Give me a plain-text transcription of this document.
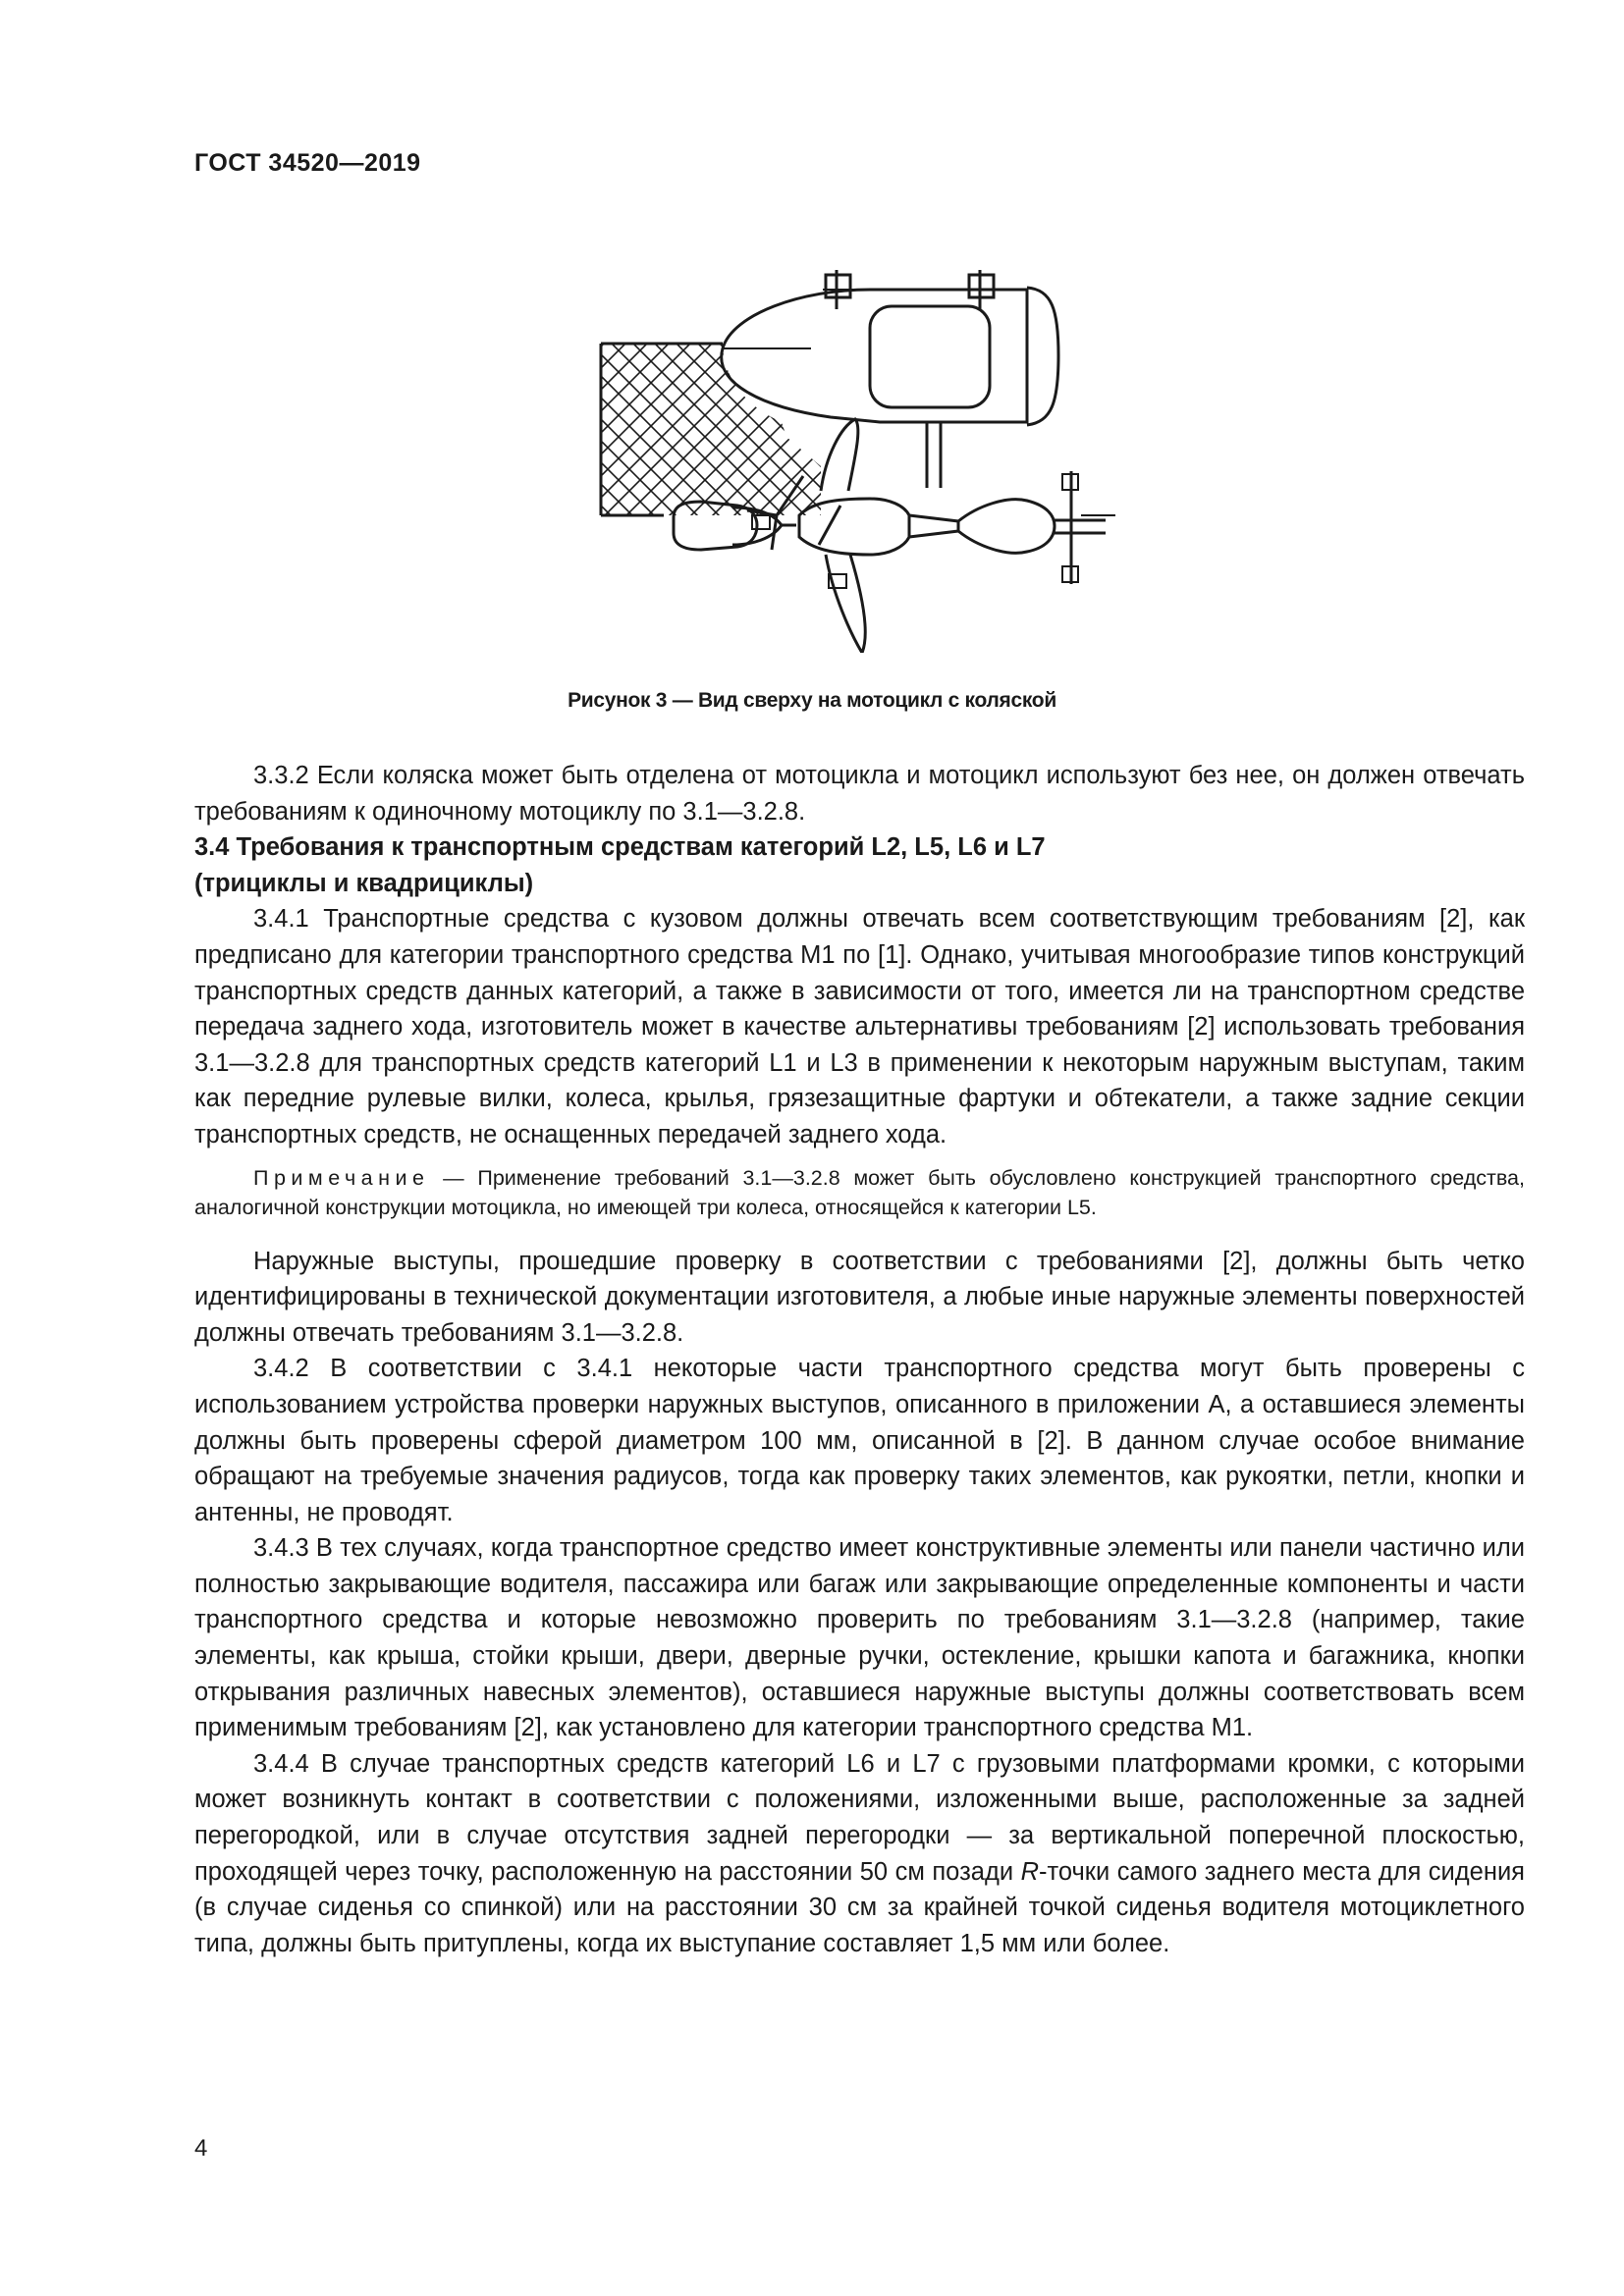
ГОСТ 34520—2019
Рисунок 3 — Вид сверху на мотоцикл с коляской

3.3.2 Если коляска может быть отделена от мотоцикла и мотоцикл используют без нее, он должен отвечать требованиям к одиночному мотоциклу по 3.1—3.2.8.

3.4 Требования к транспортным средствам категорий L2, L5, L6 и L7
(трициклы и квадрициклы)

3.4.1 Транспортные средства с кузовом должны отвечать всем соответствующим требованиям [2], как предписано для категории транспортного средства M1 по [1]. Однако, учитывая многообразие типов конструкций транспортных средств данных категорий, а также в зависимости от того, имеется ли на транспортном средстве передача заднего хода, изготовитель может в качестве альтернативы требованиям [2] использовать требования 3.1—3.2.8 для транспортных средств категорий L1 и L3 в применении к некоторым наружным выступам, таким как передние рулевые вилки, колеса, крылья, грязезащитные фартуки и обтекатели, а также задние секции транспортных средств, не оснащенных передачей заднего хода.

Примечание — Применение требований 3.1—3.2.8 может быть обусловлено конструкцией транспортного средства, аналогичной конструкции мотоцикла, но имеющей три колеса, относящейся к категории L5.

Наружные выступы, прошедшие проверку в соответствии с требованиями [2], должны быть четко идентифицированы в технической документации изготовителя, а любые иные наружные элементы поверхностей должны отвечать требованиям 3.1—3.2.8.

3.4.2 В соответствии с 3.4.1 некоторые части транспортного средства могут быть проверены с использованием устройства проверки наружных выступов, описанного в приложении А, а оставшиеся элементы должны быть проверены сферой диаметром 100 мм, описанной в [2]. В данном случае особое внимание обращают на требуемые значения радиусов, тогда как проверку таких элементов, как рукоятки, петли, кнопки и антенны, не проводят.

3.4.3 В тех случаях, когда транспортное средство имеет конструктивные элементы или панели частично или полностью закрывающие водителя, пассажира или багаж или закрывающие определенные компоненты и части транспортного средства и которые невозможно проверить по требованиям 3.1—3.2.8 (например, такие элементы, как крыша, стойки крыши, двери, дверные ручки, остекление, крышки капота и багажника, кнопки открывания различных навесных элементов), оставшиеся наружные выступы должны соответствовать всем применимым требованиям [2], как установлено для категории транспортного средства M1.

3.4.4 В случае транспортных средств категорий L6 и L7 с грузовыми платформами кромки, с которыми может возникнуть контакт в соответствии с положениями, изложенными выше, расположенные за задней перегородкой, или в случае отсутствия задней перегородки — за вертикальной поперечной плоскостью, проходящей через точку, расположенную на расстоянии 50 см позади R-точки самого заднего места для сидения (в случае сиденья со спинкой) или на расстоянии 30 см за крайней точкой сиденья водителя мотоциклетного типа, должны быть притуплены, когда их выступание составляет 1,5 мм или более.

4
